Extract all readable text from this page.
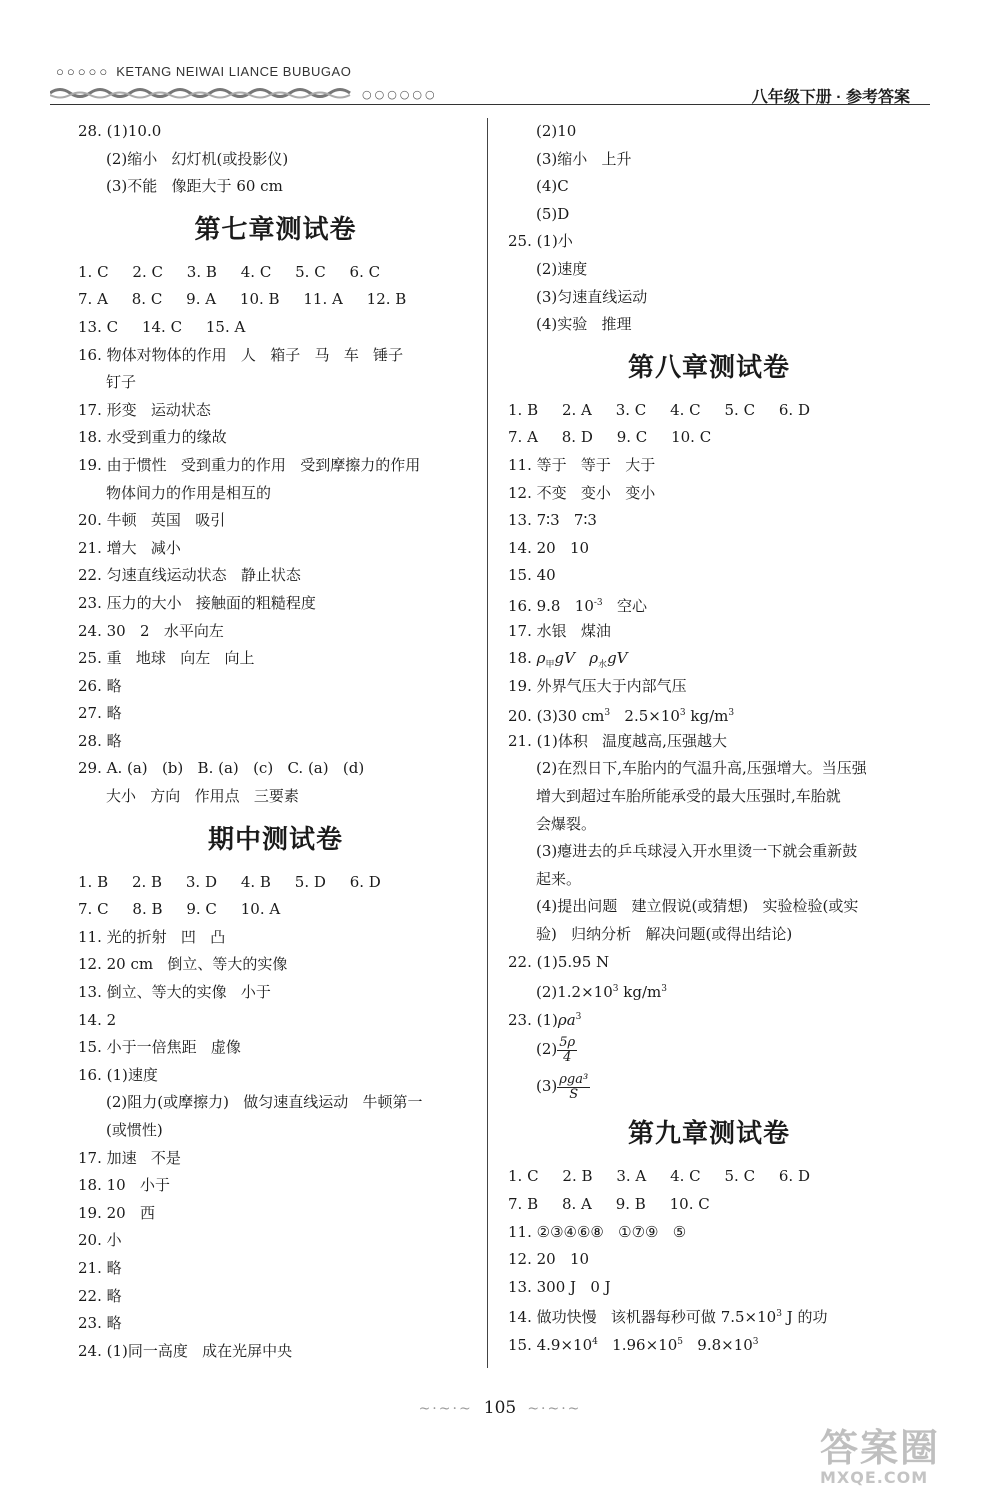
○○○○○ KETANG NEIWAI LIANCE BUBUGAO
○○○○○○	八年级下册 · 参考答案
28. (1)10.0
(2)缩小   幻灯机(或投影仪)
(3)不能   像距大于 60 cm
第七章测试卷
1. C     2. C     3. B     4. C     5. C     6. C
7. A     8. C     9. A     10. B     11. A     12. B
13. C     14. C     15. A
16. 物体对物体的作用   人   箱子   马   车   锤子
钉子
17. 形变   运动状态
18. 水受到重力的缘故
19. 由于惯性   受到重力的作用   受到摩擦力的作用
物体间力的作用是相互的
20. 牛顿   英国   吸引
21. 增大   减小
22. 匀速直线运动状态   静止状态
23. 压力的大小   接触面的粗糙程度
24. 30   2   水平向左
25. 重   地球   向左   向上
26. 略
27. 略
28. 略
29. A. (a)   (b)   B. (a)   (c)   C. (a)   (d)
大小   方向   作用点   三要素
期中测试卷
1. B     2. B     3. D     4. B     5. D     6. D
7. C     8. B     9. C     10. A
11. 光的折射   凹   凸
12. 20 cm   倒立、等大的实像
13. 倒立、等大的实像   小于
14. 2
15. 小于一倍焦距   虚像
16. (1)速度
(2)阻力(或摩擦力)   做匀速直线运动   牛顿第一
(或惯性)
17. 加速   不是
18. 10   小于
19. 20   西
20. 小
21. 略
22. 略
23. 略
24. (1)同一高度   成在光屏中央
(2)10
(3)缩小   上升
(4)C
(5)D
25. (1)小
(2)速度
(3)匀速直线运动
(4)实验   推理
第八章测试卷
1. B     2. A     3. C     4. C     5. C     6. D
7. A     8. D     9. C     10. C
11. 等于   等于   大于
12. 不变   变小   变小
13. 7∶3   7∶3
14. 20   10
15. 40
16. 9.8   $10^{-3}$   空心
17. 水银   煤油
18. $\rho_甲gV$   $\rho_水gV$
19. 外界气压大于内部气压
20. (3)30 $cm^3$   $2.5\times 10^3$ $kg/m^3$
21. (1)体积   温度越高,压强越大
(2)在烈日下,车胎内的气温升高,压强增大。当压强
增大到超过车胎所能承受的最大压强时,车胎就
会爆裂。
(3)瘪进去的乒乓球浸入开水里烫一下就会重新鼓
起来。
(4)提出问题   建立假说(或猜想)   实验检验(或实
验)   归纳分析   解决问题(或得出结论)
22. (1)5.95 N
$(2)1.2\times 10^3$ $kg/m^3$
23. $(1)\rho a^3$
$(2) \frac{5\rho}{4}$
$(3) \frac{\text{ρga³}}{S}$
第九章测试卷
1. C     2. B     3. A     4. C     5. C     6. D
7. B     8. A     9. B     10. C
11. ②③④⑥⑧   ①⑦⑨   ⑤
12. 20   10
13. 300 J   0 J
14. 做功快慢   该机器每秒可做 $7.5\times 10^3$ J 的功
15. $4.9\times 10^4$   $1.96\times 10^5$   $9.8\times 10^3$
~·~·~ 105 ~·~·~
答案圈
MXQE.COM
